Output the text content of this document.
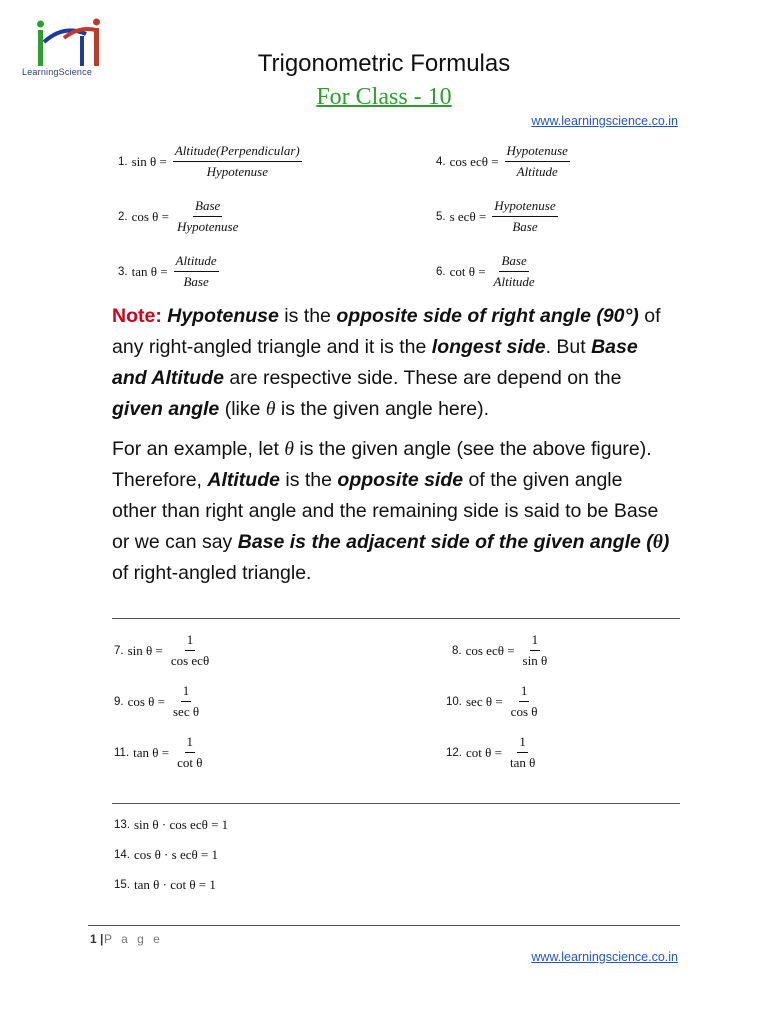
LearningScience	Trigonometric Formulas
For Class - 10
www.learningscience.co.in
1. $\sin \theta = \frac{\text{Altitude(Perpendicular)}}{\text{Hypotenuse}}$
2. $\cos \theta = \frac{\text{Base}}{\text{Hypotenuse}}$
3. $\tan \theta = \frac{\text{Altitude}}{\text{Base}}$
4. $\cos ec\theta = \frac{\text{Hypotenuse}}{\text{Altitude}}$
5. s $ec\theta = \frac{\text{Hypotenuse}}{\text{Base}}$
6. $\cot \theta = \frac{\text{Base}}{\text{Altitude}}$
Note: Hypotenuse is the opposite side of right angle (90°) of any right-angled triangle and it is the longest side. But Base and Altitude are respective side. These are depend on the given angle (like θ is the given angle here).
For an example, let θ is the given angle (see the above figure). Therefore, Altitude is the opposite side of the given angle other than right angle and the remaining side is said to be Base or we can say Base is the adjacent side of the given angle (θ) of right-angled triangle.
7. $\sin \theta = \frac{1}{\text{cos ecθ}}$
9. $\cos \theta = \frac{1}{\text{sec θ}}$
11. $\tan \theta = \frac{1}{\text{cot θ}}$
8. $\cos ec\theta = \frac{1}{\text{sin θ}}$
10. $\sec \theta = \frac{1}{\text{cos θ}}$
12. $\cot \theta = \frac{1}{\text{tan θ}}$
13. sin θ · cos ecθ = 1
14. cos θ · s ecθ = 1
15. tan θ · cot θ = 1
1 | P a g e
www.learningscience.co.in
